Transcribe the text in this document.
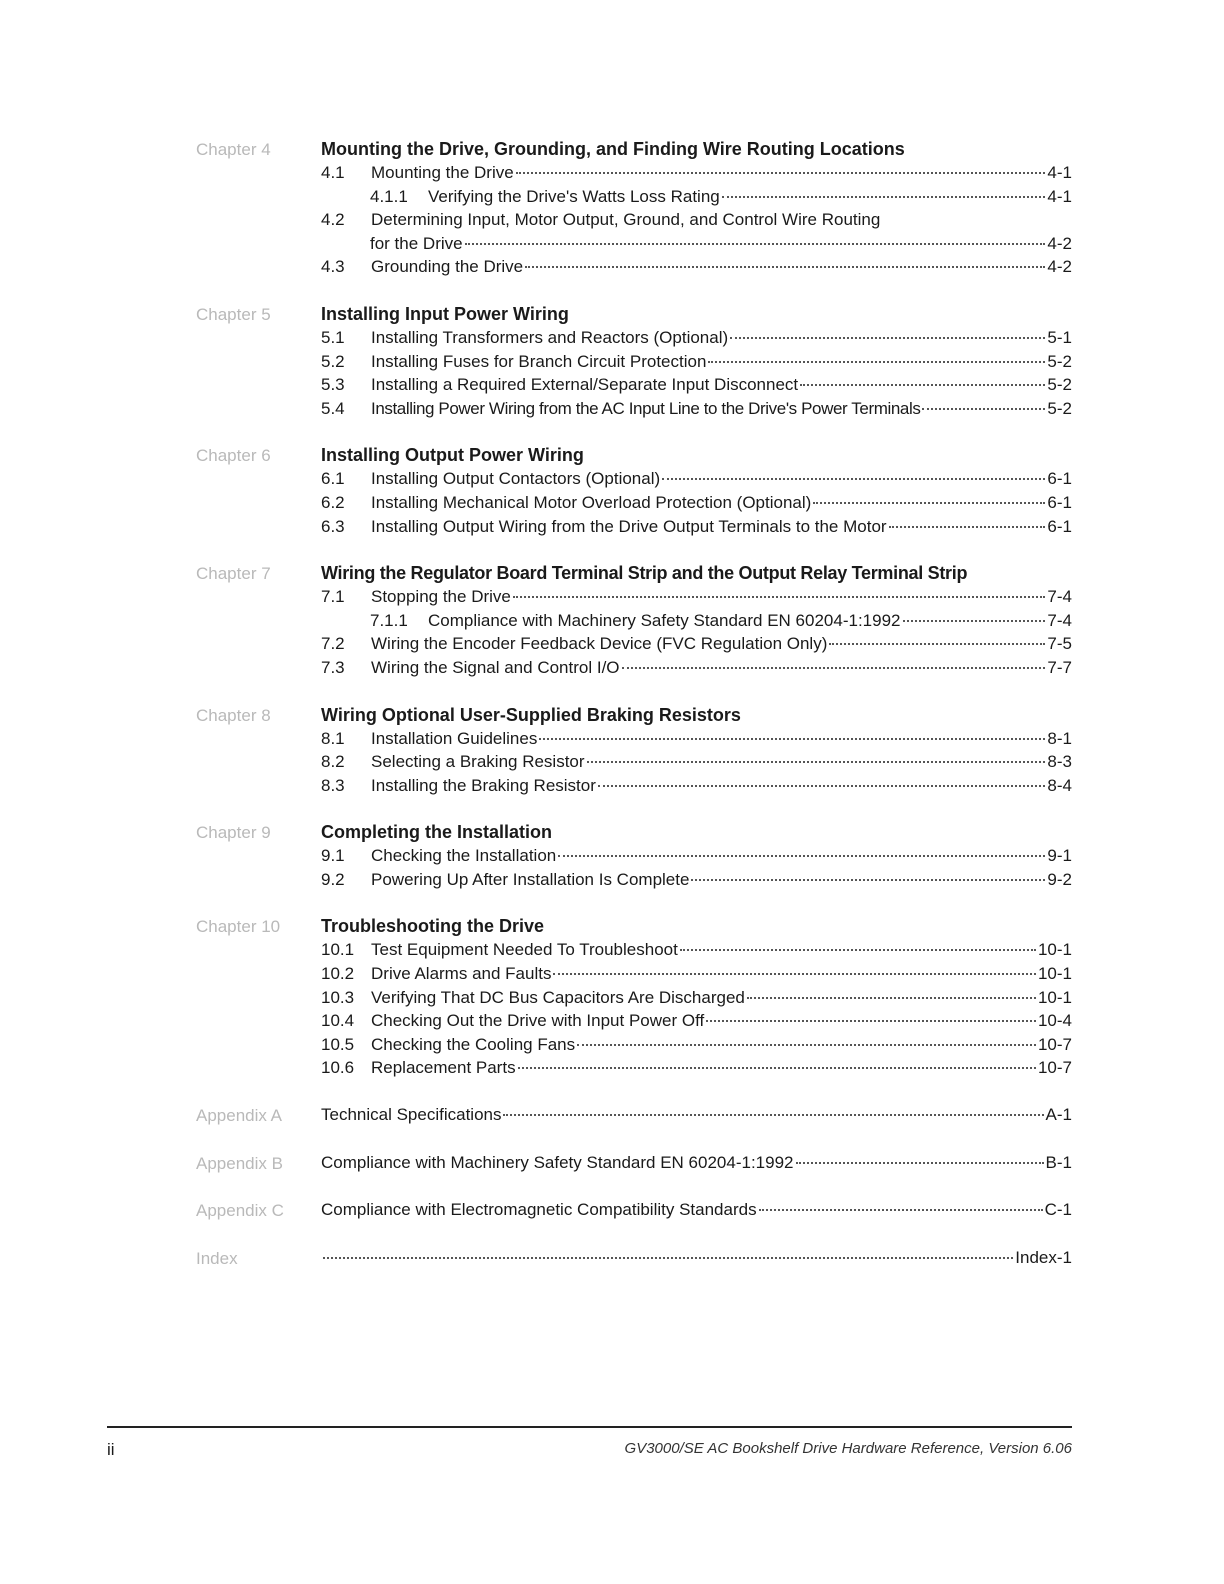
Chapter 4	Mounting the Drive, Grounding, and Finding Wire Routing Locations
4.1	Mounting the Drive	4-1
4.1.1	Verifying the Drive's Watts Loss Rating	4-1
4.2	Determining Input, Motor Output, Ground, and Control Wire Routing
for the Drive	4-2
4.3	Grounding the Drive	4-2
Chapter 5	Installing Input Power Wiring
5.1	Installing Transformers and Reactors (Optional)	5-1
5.2	Installing Fuses for Branch Circuit Protection	5-2
5.3	Installing a Required External/Separate Input Disconnect	5-2
5.4	Installing Power Wiring from the AC Input Line to the Drive's Power Terminals	5-2
Chapter 6	Installing Output Power Wiring
6.1	Installing Output Contactors (Optional)	6-1
6.2	Installing Mechanical Motor Overload Protection (Optional)	6-1
6.3	Installing Output Wiring from the Drive Output Terminals to the Motor	6-1
Chapter 7	Wiring the Regulator Board Terminal Strip and the Output Relay Terminal Strip
7.1	Stopping the Drive	7-4
7.1.1	Compliance with Machinery Safety Standard EN 60204-1:1992	7-4
7.2	Wiring the Encoder Feedback Device (FVC Regulation Only)	7-5
7.3	Wiring the Signal and Control I/O	7-7
Chapter 8	Wiring Optional User-Supplied Braking Resistors
8.1	Installation Guidelines	8-1
8.2	Selecting a Braking Resistor	8-3
8.3	Installing the Braking Resistor	8-4
Chapter 9	Completing the Installation
9.1	Checking the Installation	9-1
9.2	Powering Up After Installation Is Complete	9-2
Chapter 10	Troubleshooting the Drive
10.1 Test Equipment Needed To Troubleshoot	10-1
10.2 Drive Alarms and Faults	10-1
10.3 Verifying That DC Bus Capacitors Are Discharged	10-1
10.4 Checking Out the Drive with Input Power Off	10-4
10.5 Checking the Cooling Fans	10-7
10.6 Replacement Parts	10-7
Appendix A	Technical Specifications	A-1
Appendix B	Compliance with Machinery Safety Standard EN 60204-1:1992	B-1
Appendix C	Compliance with Electromagnetic Compatibility Standards	C-1
Index	Index-1
ii	GV3000/SE AC Bookshelf Drive Hardware Reference, Version 6.06
